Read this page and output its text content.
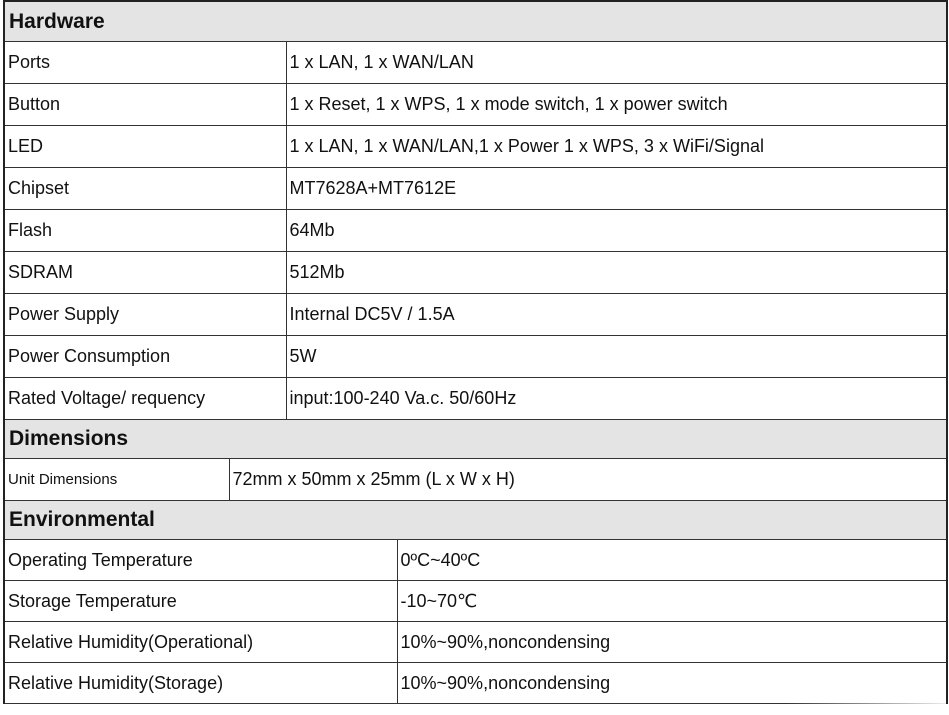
Hardware	
Ports	1 x LAN, 1 x WAN/LAN
Button	1 x Reset, 1 x WPS, 1 x mode switch, 1 x power switch
LED	1 x LAN, 1 x WAN/LAN,1 x Power 1 x WPS, 3 x WiFi/Signal
Chipset	MT7628A+MT7612E
Flash	64Mb
SDRAM	512Mb
Power Supply	Internal DC5V / 1.5A
Power Consumption	5W
Rated Voltage/ requency	input:100-240 Va.c. 50/60Hz
Dimensions
Unit Dimensions	72mm x 50mm x 25mm (L x W x H)
Environmental	
Operating Temperature	0ºC~40ºC
Storage Temperature	-10~70℃
Relative Humidity(Operational)	10%~90%,noncondensing
Relative Humidity(Storage)	10%~90%,noncondensing
